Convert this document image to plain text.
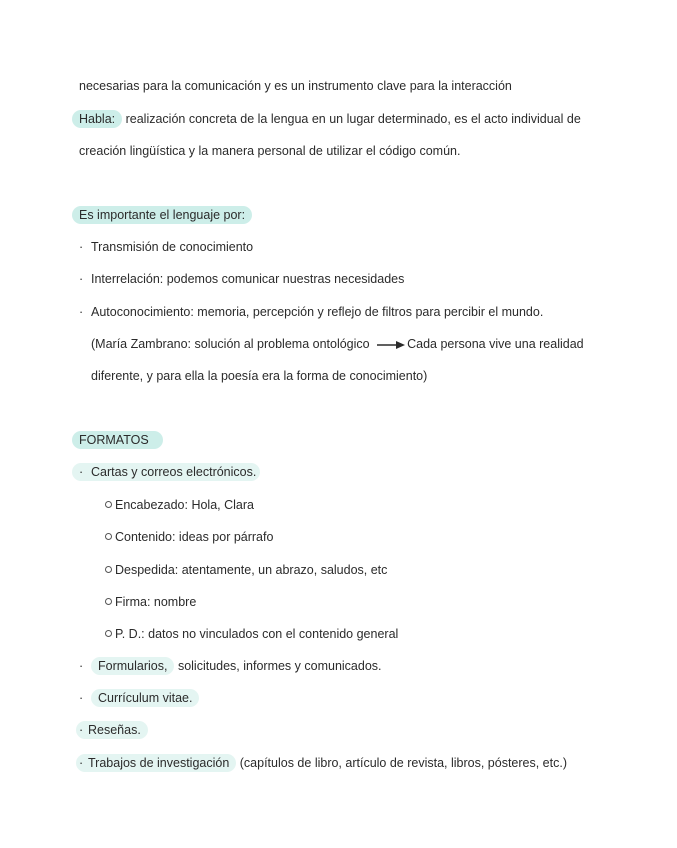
necesarias para la comunicación y es un instrumento clave para la interacción
Habla: realización concreta de la lengua en un lugar determinado, es el acto individual de
creación lingüística y la manera personal de utilizar el código común.
Es importante el lenguaje por:
· Transmisión de conocimiento
· Interrelación: podemos comunicar nuestras necesidades
· Autoconocimiento: memoria, percepción y reflejo de filtros para percibir el mundo.
(María Zambrano: solución al problema ontológico	Cada persona vive una realidad
diferente, y para ella la poesía era la forma de conocimiento)
FORMATOS
· Cartas y correos electrónicos.
Encabezado: Hola, Clara
Contenido: ideas por párrafo
Despedida: atentamente, un abrazo, saludos, etc
Firma: nombre
P. D.: datos no vinculados con el contenido general
· Formularios, solicitudes, informes y comunicados.
· Currículum vitae.
· Reseñas.
· Trabajos de investigación (capítulos de libro, artículo de revista, libros, pósteres, etc.)
